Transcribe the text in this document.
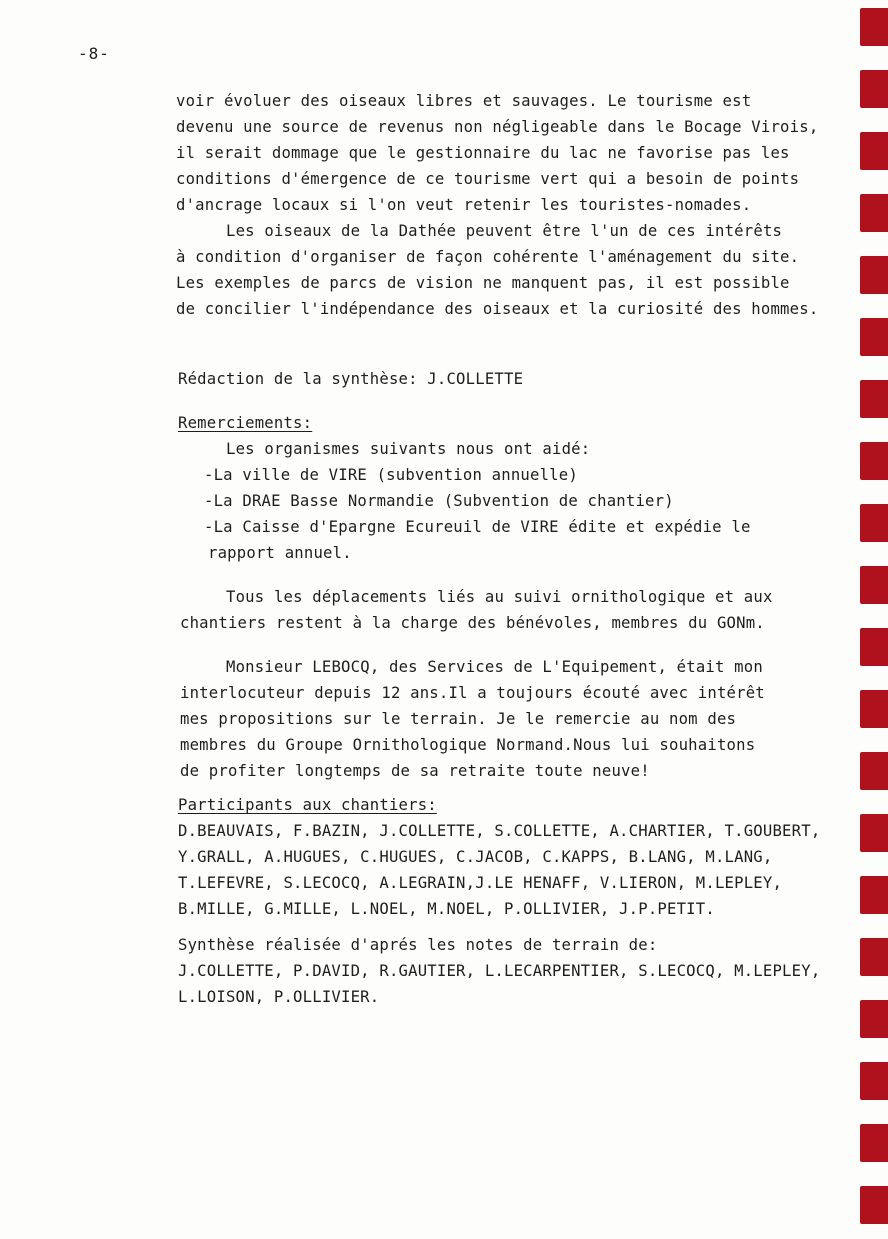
-8-
voir évoluer des oiseaux libres et sauvages. Le tourisme est
devenu une source de revenus non négligeable dans le Bocage Virois,
il serait dommage que le gestionnaire du lac ne favorise pas les
conditions d'émergence de ce tourisme vert qui a besoin de points
d'ancrage locaux si l'on veut retenir les touristes-nomades.
Les oiseaux de la Dathée peuvent être l'un de ces intérêts
à condition d'organiser de façon cohérente l'aménagement du site.
Les exemples de parcs de vision ne manquent pas, il est possible
de concilier l'indépendance des oiseaux et la curiosité des hommes.
Rédaction de la synthèse: J.COLLETTE
Remerciements:
Les organismes suivants nous ont aidé:
-La ville de VIRE (subvention annuelle)
-La DRAE Basse Normandie (Subvention de chantier)
-La Caisse d'Epargne Ecureuil de VIRE édite et expédie le
rapport annuel.
Tous les déplacements liés au suivi ornithologique et aux
chantiers restent à la charge des bénévoles, membres du GONm.
Monsieur LEBOCQ, des Services de L'Equipement, était mon
interlocuteur depuis 12 ans.Il a toujours écouté avec intérêt
mes propositions sur le terrain. Je le remercie au nom des
membres du Groupe Ornithologique Normand.Nous lui souhaitons
de profiter longtemps de sa retraite toute neuve!
Participants aux chantiers:
D.BEAUVAIS, F.BAZIN, J.COLLETTE, S.COLLETTE, A.CHARTIER, T.GOUBERT,
Y.GRALL, A.HUGUES, C.HUGUES, C.JACOB, C.KAPPS, B.LANG, M.LANG,
T.LEFEVRE, S.LECOCQ, A.LEGRAIN,J.LE HENAFF, V.LIERON, M.LEPLEY,
B.MILLE, G.MILLE, L.NOEL, M.NOEL, P.OLLIVIER, J.P.PETIT.
Synthèse réalisée d'aprés les notes de terrain de:
J.COLLETTE, P.DAVID, R.GAUTIER, L.LECARPENTIER, S.LECOCQ, M.LEPLEY,
L.LOISON, P.OLLIVIER.
